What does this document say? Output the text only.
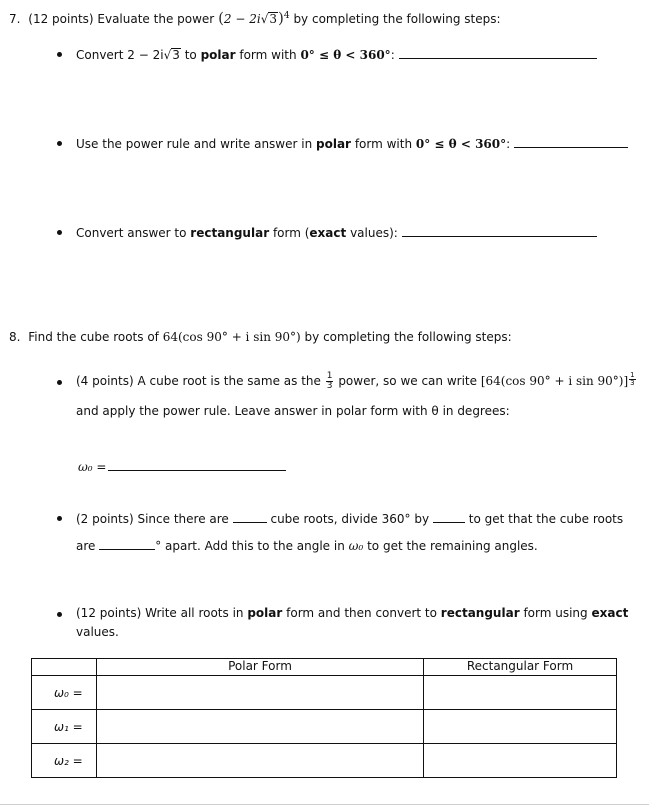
7. (12 points) Evaluate the power $(2 - 2i√3)^4$ by completing the following steps:
Convert 2 − 2i√3 to polar form with 0° ≤ θ < 360°:
Use the power rule and write answer in polar form with 0° ≤ θ < 360°:
Convert answer to rectangular form (exact values):
8. Find the cube roots of 64(cos 90° + i sin 90°) by completing the following steps:
(4 points) A cube root is the same as the $\frac{1}{3}$ power, so we can write [64(cos 90° + i $\sin 90^\circ)] \frac{1}{3}$
and apply the power rule. Leave answer in polar form with θ in degrees:
ω₀ =
(2 points) Since there are	cube roots, divide 360° by	to get that the cube roots
are	° apart. Add this to the angle in ω₀ to get the remaining angles.
(12 points) Write all roots in polar form and then convert to rectangular form using exact
values.
	Polar Form	Rectangular Form
ω₀ =		
ω₁ =		
ω₂ =		
